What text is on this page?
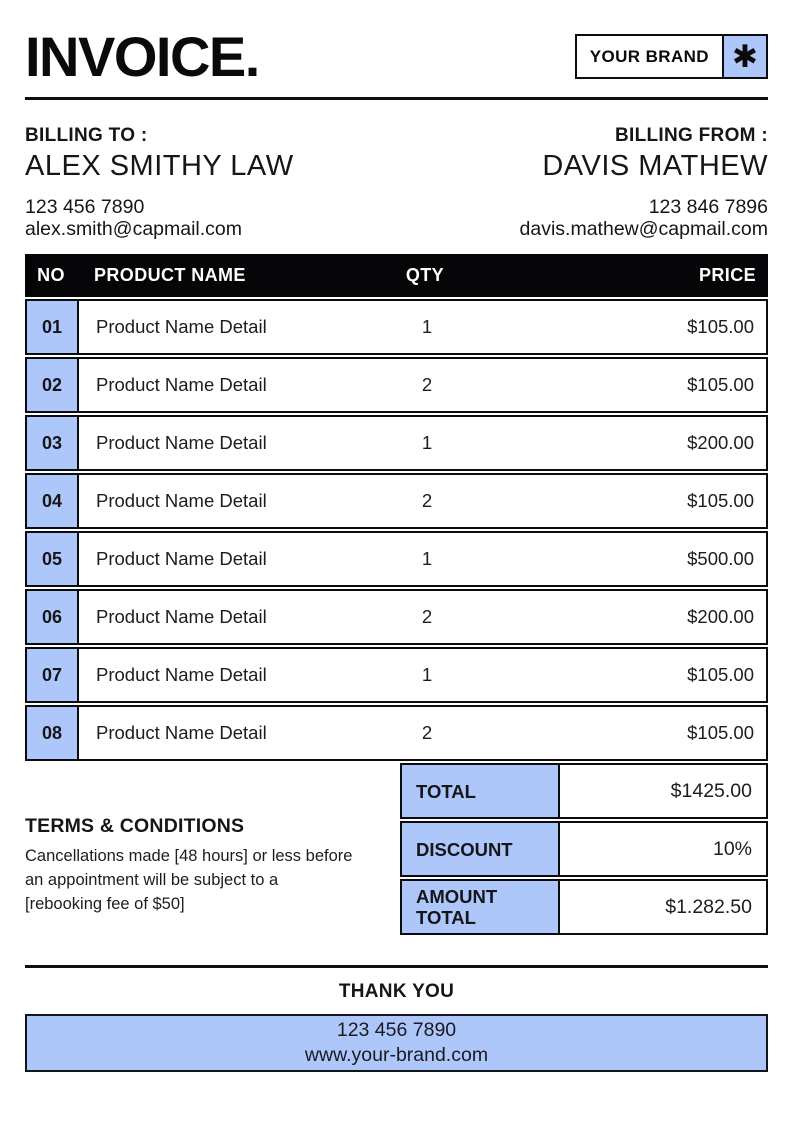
INVOICE.	YOUR BRAND ✱
BILLING TO :
ALEX SMITHY LAW
123 456 7890
alex.smith@capmail.com
BILLING FROM :
DAVIS MATHEW
123 846 7896
davis.mathew@capmail.com
NO	PRODUCT NAME	QTY	PRICE
01	Product Name Detail	1	$105.00
02	Product Name Detail	2	$105.00
03	Product Name Detail	1	$200.00
04	Product Name Detail	2	$105.00
05	Product Name Detail	1	$500.00
06	Product Name Detail	2	$200.00
07	Product Name Detail	1	$105.00
08	Product Name Detail	2	$105.00
TERMS & CONDITIONS

Cancellations made [48 hours] or less before an appointment will be subject to a [rebooking fee of $50]

TOTAL	$1425.00
DISCOUNT	10%
AMOUNT TOTAL	$1.282.50
THANK YOU
123 456 7890
www.your-brand.com
